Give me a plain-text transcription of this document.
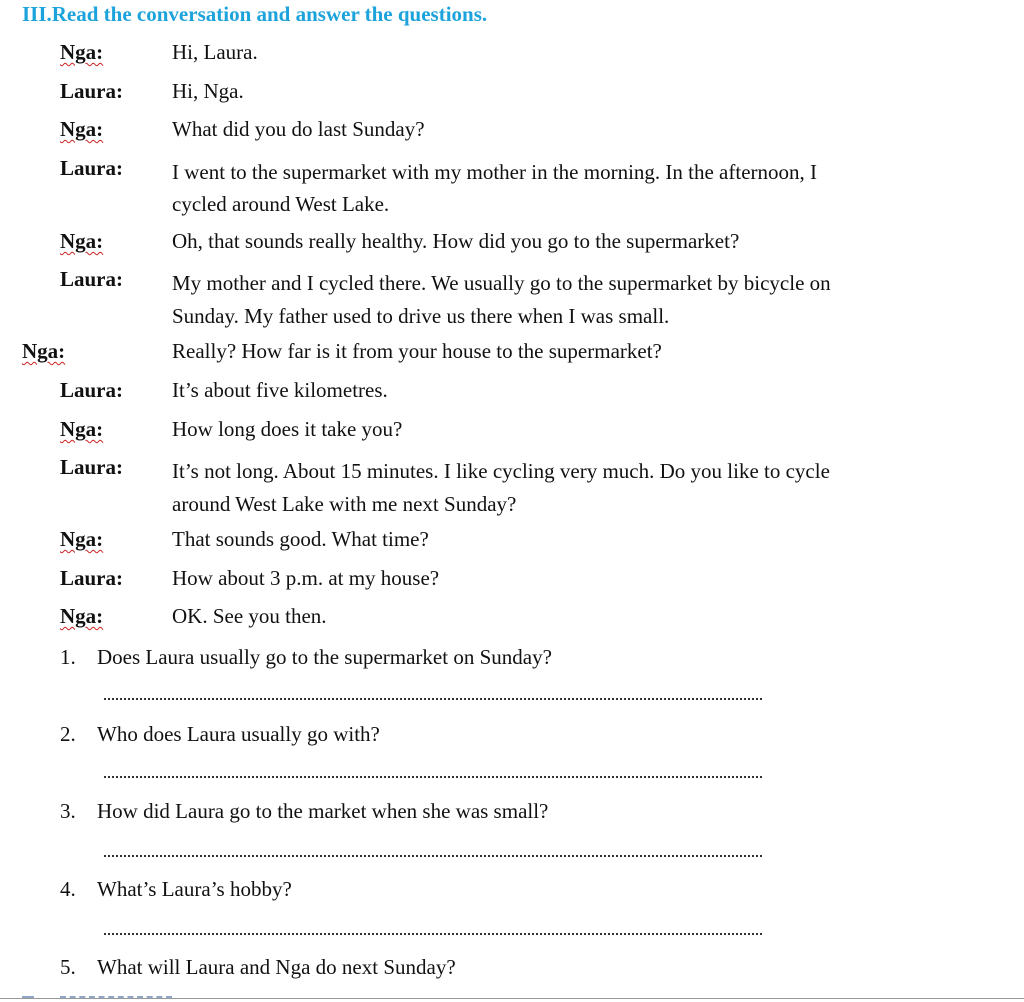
III.Read the conversation and answer the questions.
Nga:	Hi, Laura.
Laura: Hi, Nga.
Nga:	What did you do last Sunday?
Laura: I went to the supermarket with my mother in the morning. In the afternoon, I
cycled around West Lake.
Nga:	Oh, that sounds really healthy. How did you go to the supermarket?
Laura: My mother and I cycled there. We usually go to the supermarket by bicycle on
Sunday. My father used to drive us there when I was small.
Nga:	Really? How far is it from your house to the supermarket?
Laura: It’s about five kilometres.
Nga:	How long does it take you?
Laura: It’s not long. About 15 minutes. I like cycling very much. Do you like to cycle
around West Lake with me next Sunday?
Nga:	That sounds good. What time?
Laura: How about 3 p.m. at my house?
Nga:	OK. See you then.
1. Does Laura usually go to the supermarket on Sunday?
2. Who does Laura usually go with?
3. How did Laura go to the market when she was small?
4. What’s Laura’s hobby?
5. What will Laura and Nga do next Sunday?
